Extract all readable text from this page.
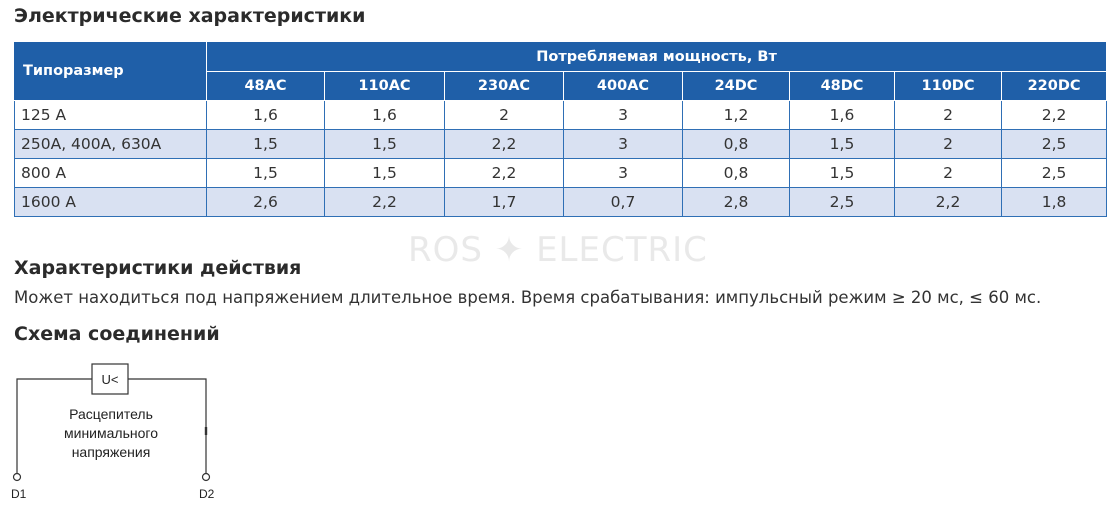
Электрические характеристики
Типоразмер	Потребляемая мощность, Вт							
	48AC	110AC	230AC	400AC	24DC	48DC	110DC	220DC
125 A	1,6	1,6	2	3	1,2	1,6	2	2,2
250A, 400A, 630A	1,5	1,5	2,2	3	0,8	1,5	2	2,5
800 A	1,5	1,5	2,2	3	0,8	1,5	2	2,5
1600 A	2,6	2,2	1,7	0,7	2,8	2,5	2,2	1,8
ROS ✦ ELECTRIC
Характеристики действия

Может находиться под напряжением длительное время. Время срабатывания: импульсный режим ≥ 20 мс, ≤ 60 мс.

Схема соединений
U<
Расцепитель
минимального
напряжения
D1	D2
